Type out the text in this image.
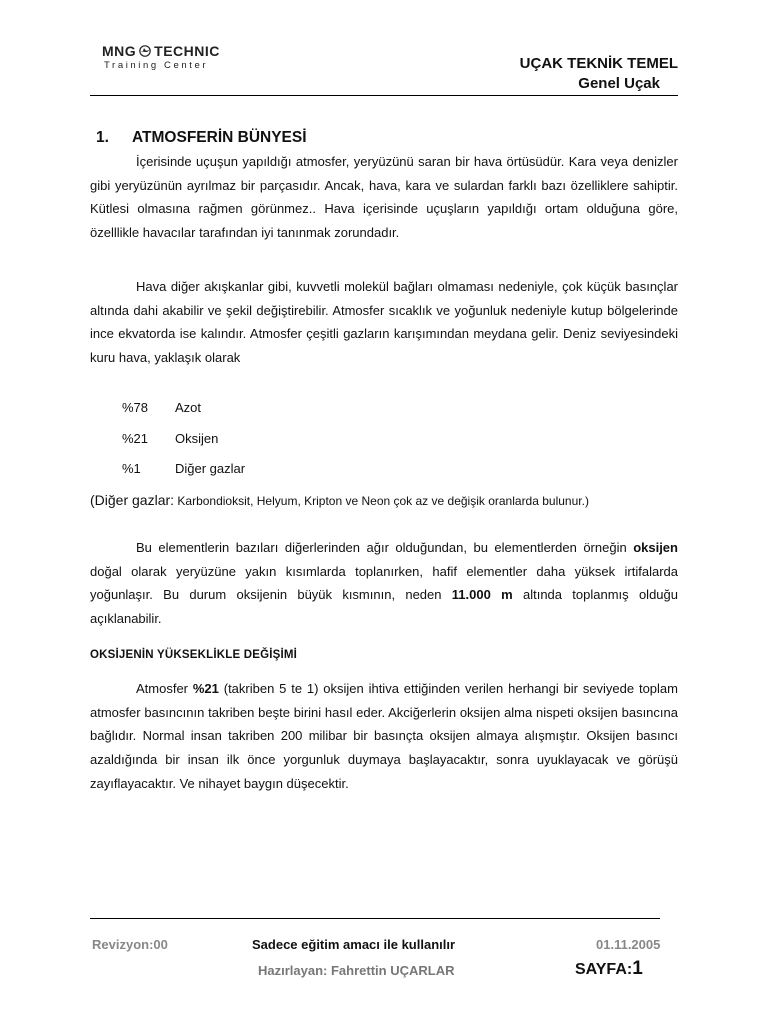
MNG TECHNIC
Training Center	UÇAK TEKNİK TEMEL
Genel Uçak
1. ATMOSFERİN BÜNYESİ

İçerisinde uçuşun yapıldığı atmosfer, yeryüzünü saran bir hava örtüsüdür. Kara veya denizler gibi yeryüzünün ayrılmaz bir parçasıdır. Ancak, hava, kara ve sulardan farklı bazı özelliklere sahiptir. Kütlesi olmasına rağmen görünmez.. Hava içerisinde uçuşların yapıldığı ortam olduğuna göre, özelllikle havacılar tarafından iyi tanınmak zorundadır.

Hava diğer akışkanlar gibi, kuvvetli molekül bağları olmaması nedeniyle, çok küçük basınçlar altında dahi akabilir ve şekil değiştirebilir. Atmosfer sıcaklık ve yoğunluk nedeniyle kutup bölgelerinde ince ekvatorda ise kalındır. Atmosfer çeşitli gazların karışımından meydana gelir. Deniz seviyesindeki kuru hava, yaklaşık olarak

%78 Azot
%21 Oksijen
%1	Diğer gazlar
(Diğer gazlar: Karbondioksit, Helyum, Kripton ve Neon çok az ve değişik oranlarda bulunur.)

Bu elementlerin bazıları diğerlerinden ağır olduğundan, bu elementlerden örneğin oksijen doğal olarak yeryüzüne yakın kısımlarda toplanırken, hafif elementler daha yüksek irtifalarda yoğunlaşır. Bu durum oksijenin büyük kısmının, neden 11.000 m altında toplanmış olduğu açıklanabilir.

OKSİJENİN YÜKSEKLİKLE DEĞİŞİMİ

Atmosfer %21 (takriben 5 te 1) oksijen ihtiva ettiğinden verilen herhangi bir seviyede toplam atmosfer basıncının takriben beşte birini hasıl eder. Akciğerlerin oksijen alma nispeti oksijen basıncına bağlıdır. Normal insan takriben 200 milibar bir basınçta oksijen almaya alışmıştır. Oksijen basıncı azaldığında bir insan ilk önce yorgunluk duymaya başlayacaktır, sonra uyuklayacak ve görüşü zayıflayacaktır. Ve nihayet baygın düşecektir.

Revizyon:00	Sadece eğitim amacı ile kullanılır	01.11.2005
Hazırlayan: Fahrettin UÇARLAR	SAYFA:1
